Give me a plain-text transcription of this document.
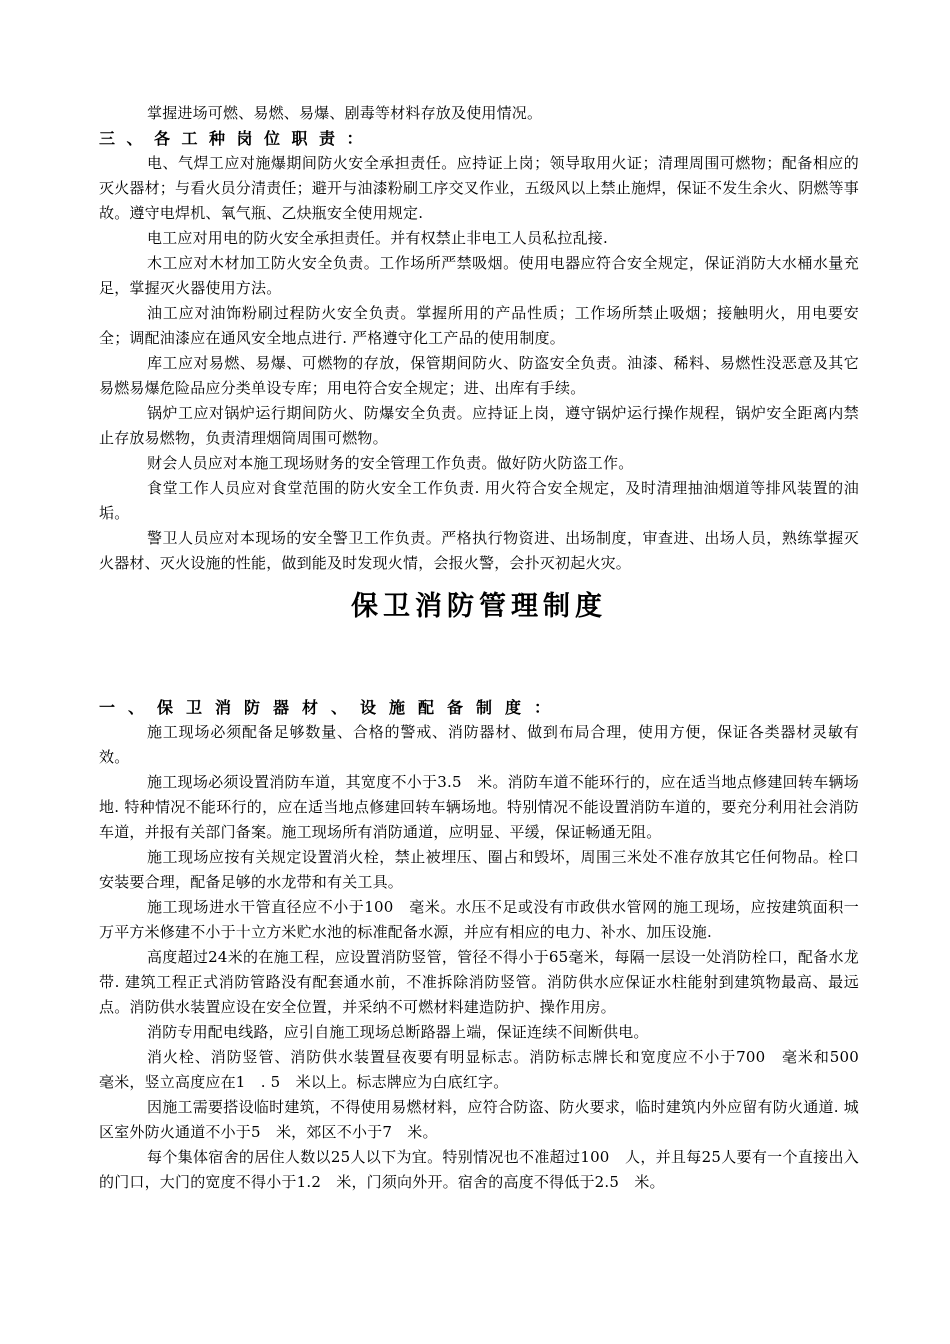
掌握进场可燃、易燃、易爆、剧毒等材料存放及使用情况。

三、各工种岗位职责：

电、气焊工应对施爆期间防火安全承担责任。应持证上岗；领导取用火证；清理周围可燃物；配备相应的灭火器材；与看火员分清责任；避开与油漆粉刷工序交叉作业，五级风以上禁止施焊，保证不发生余火、阴燃等事故。遵守电焊机、氧气瓶、乙炔瓶安全使用规定.

电工应对用电的防火安全承担责任。并有权禁止非电工人员私拉乱接.

木工应对木材加工防火安全负责。工作场所严禁吸烟。使用电器应符合安全规定，保证消防大水桶水量充足，掌握灭火器使用方法。

油工应对油饰粉刷过程防火安全负责。掌握所用的产品性质；工作场所禁止吸烟；接触明火，用电要安全；调配油漆应在通风安全地点进行. 严格遵守化工产品的使用制度。

库工应对易燃、易爆、可燃物的存放，保管期间防火、防盗安全负责。油漆、稀料、易燃性没恶意及其它易燃易爆危险品应分类单设专库；用电符合安全规定；进、出库有手续。

锅炉工应对锅炉运行期间防火、防爆安全负责。应持证上岗，遵守锅炉运行操作规程，锅炉安全距离内禁止存放易燃物，负责清理烟筒周围可燃物。

财会人员应对本施工现场财务的安全管理工作负责。做好防火防盗工作。

食堂工作人员应对食堂范围的防火安全工作负责. 用火符合安全规定，及时清理抽油烟道等排风装置的油垢。

警卫人员应对本现场的安全警卫工作负责。严格执行物资进、出场制度，审查进、出场人员，熟练掌握灭火器材、灭火设施的性能，做到能及时发现火情，会报火警，会扑灭初起火灾。

保卫消防管理制度
一、保卫消防器材、设施配备制度：

施工现场必须配备足够数量、合格的警戒、消防器材、做到布局合理，使用方便，保证各类器材灵敏有效。

施工现场必须设置消防车道，其宽度不小于3.5　米。消防车道不能环行的，应在适当地点修建回转车辆场地. 特种情况不能环行的，应在适当地点修建回转车辆场地。特别情况不能设置消防车道的，要充分利用社会消防车道，并报有关部门备案。施工现场所有消防通道，应明显、平缓，保证畅通无阻。

施工现场应按有关规定设置消火栓，禁止被埋压、圈占和毁坏，周围三米处不准存放其它任何物品。栓口安装要合理，配备足够的水龙带和有关工具。

施工现场进水干管直径应不小于100　毫米。水压不足或没有市政供水管网的施工现场，应按建筑面积一万平方米修建不小于十立方米贮水池的标准配备水源，并应有相应的电力、补水、加压设施.

高度超过24米的在施工程，应设置消防竖管，管径不得小于65毫米，每隔一层设一处消防栓口，配备水龙带. 建筑工程正式消防管路没有配套通水前，不准拆除消防竖管。消防供水应保证水柱能射到建筑物最高、最远点。消防供水装置应设在安全位置，并采纳不可燃材料建造防护、操作用房。

消防专用配电线路，应引自施工现场总断路器上端，保证连续不间断供电。

消火栓、消防竖管、消防供水装置昼夜要有明显标志。消防标志牌长和宽度应不小于700　毫米和500　毫米，竖立高度应在1　. 5　米以上。标志牌应为白底红字。

因施工需要搭设临时建筑，不得使用易燃材料，应符合防盗、防火要求，临时建筑内外应留有防火通道. 城区室外防火通道不小于5　米，郊区不小于7　米。

每个集体宿舍的居住人数以25人以下为宜。特别情况也不准超过100　人，并且每25人要有一个直接出入的门口，大门的宽度不得小于1.2　米，门须向外开。宿舍的高度不得低于2.5　米。
